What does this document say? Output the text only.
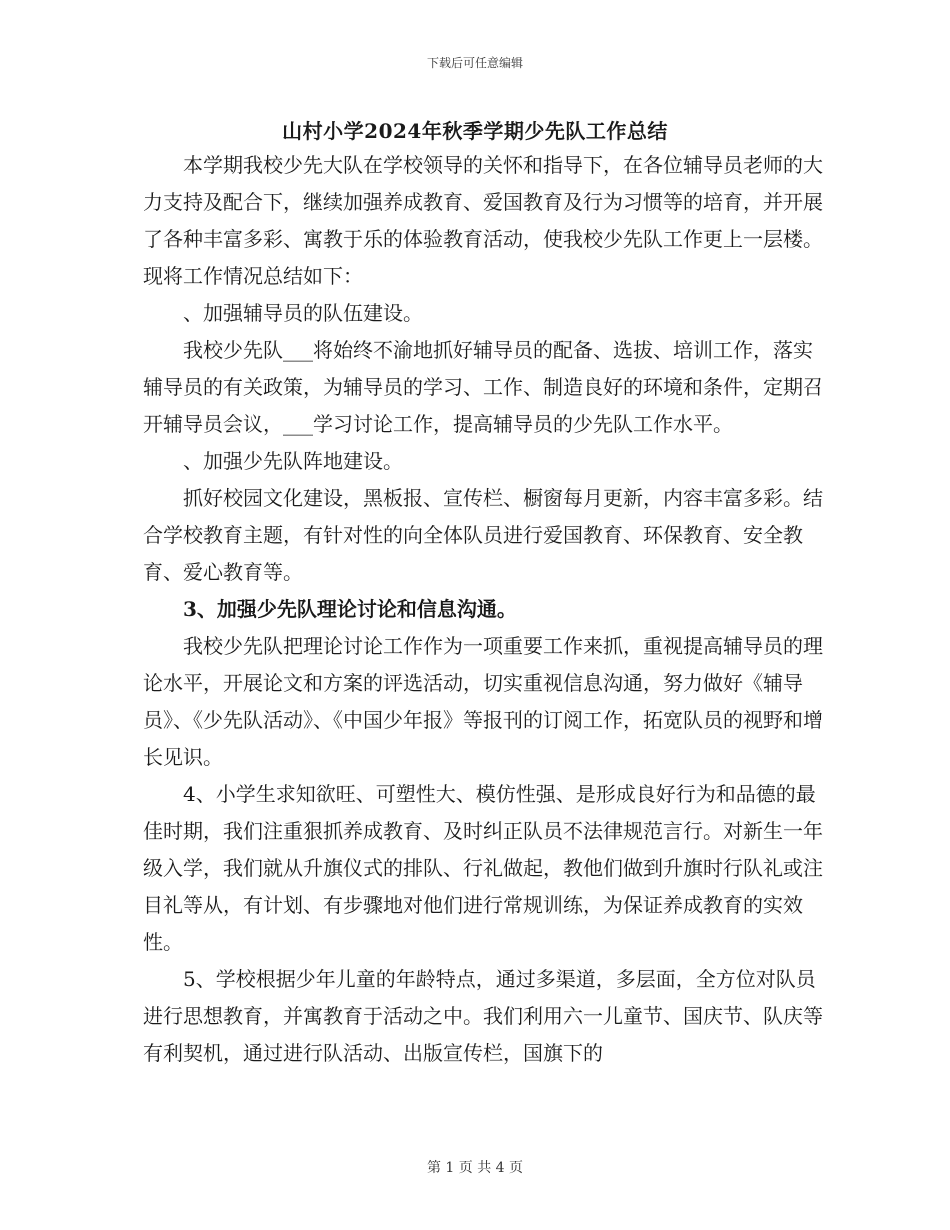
下载后可任意编辑
山村小学2024年秋季学期少先队工作总结

本学期我校少先大队在学校领导的关怀和指导下，在各位辅导员老师的大力支持及配合下，继续加强养成教育、爱国教育及行为习惯等的培育，并开展了各种丰富多彩、寓教于乐的体验教育活动，使我校少先队工作更上一层楼。现将工作情况总结如下：

、加强辅导员的队伍建设。

我校少先队___将始终不渝地抓好辅导员的配备、选拔、培训工作，落实辅导员的有关政策，为辅导员的学习、工作、制造良好的环境和条件，定期召开辅导员会议，___学习讨论工作，提高辅导员的少先队工作水平。

、加强少先队阵地建设。

抓好校园文化建设，黑板报、宣传栏、橱窗每月更新，内容丰富多彩。结合学校教育主题，有针对性的向全体队员进行爱国教育、环保教育、安全教育、爱心教育等。

3、加强少先队理论讨论和信息沟通。

我校少先队把理论讨论工作作为一项重要工作来抓，重视提高辅导员的理论水平，开展论文和方案的评选活动，切实重视信息沟通，努力做好《辅导员》、《少先队活动》、《中国少年报》等报刊的订阅工作，拓宽队员的视野和增长见识。

4、小学生求知欲旺、可塑性大、模仿性强、是形成良好行为和品德的最佳时期，我们注重狠抓养成教育、及时纠正队员不法律规范言行。对新生一年级入学，我们就从升旗仪式的排队、行礼做起，教他们做到升旗时行队礼或注目礼等从，有计划、有步骤地对他们进行常规训练，为保证养成教育的实效性。

5、学校根据少年儿童的年龄特点，通过多渠道，多层面，全方位对队员进行思想教育，并寓教育于活动之中。我们利用六一儿童节、国庆节、队庆等有利契机，通过进行队活动、出版宣传栏，国旗下的

第 1 页 共 4 页
